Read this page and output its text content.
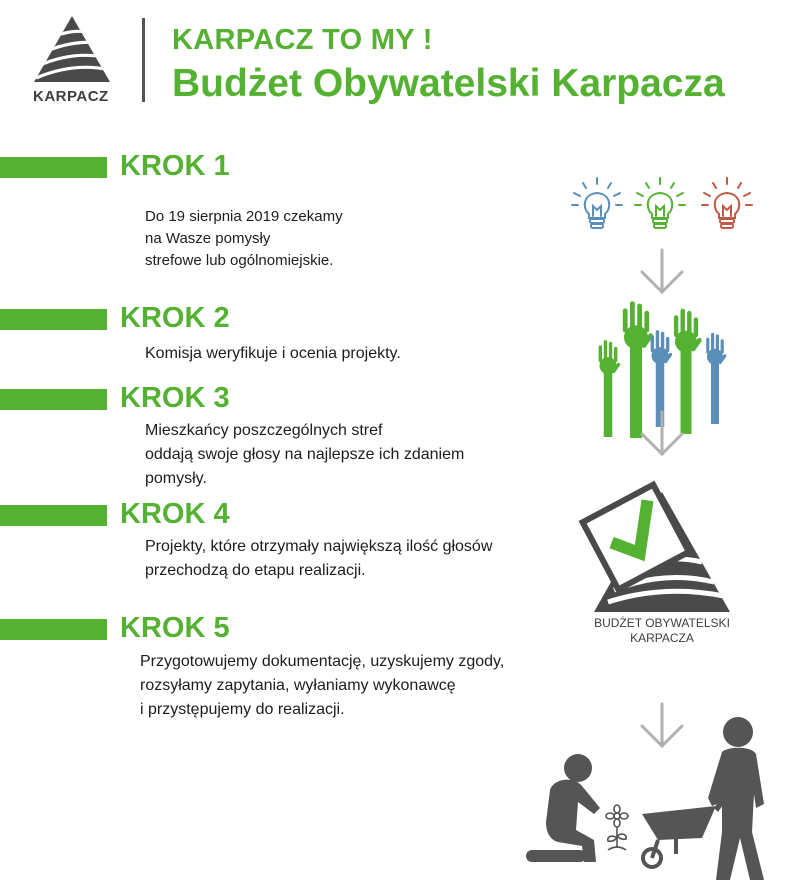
KARPACZ
KARPACZ TO MY !
Budżet Obywatelski Karpacza
KROK 1
Do 19 sierpnia 2019 czekamy
na Wasze pomysły
strefowe lub ogólnomiejskie.
KROK 2
Komisja weryfikuje i ocenia projekty.
KROK 3
Mieszkańcy poszczególnych stref
oddają swoje głosy na najlepsze ich zdaniem
pomysły.
KROK 4
Projekty, które otrzymały największą ilość głosów
przechodzą do etapu realizacji.
KROK 5
Przygotowujemy dokumentację, uzyskujemy zgody,
rozsyłamy zapytania, wyłaniamy wykonawcę
i przystępujemy do realizacji.
BUDŻET OBYWATELSKI
KARPACZA
